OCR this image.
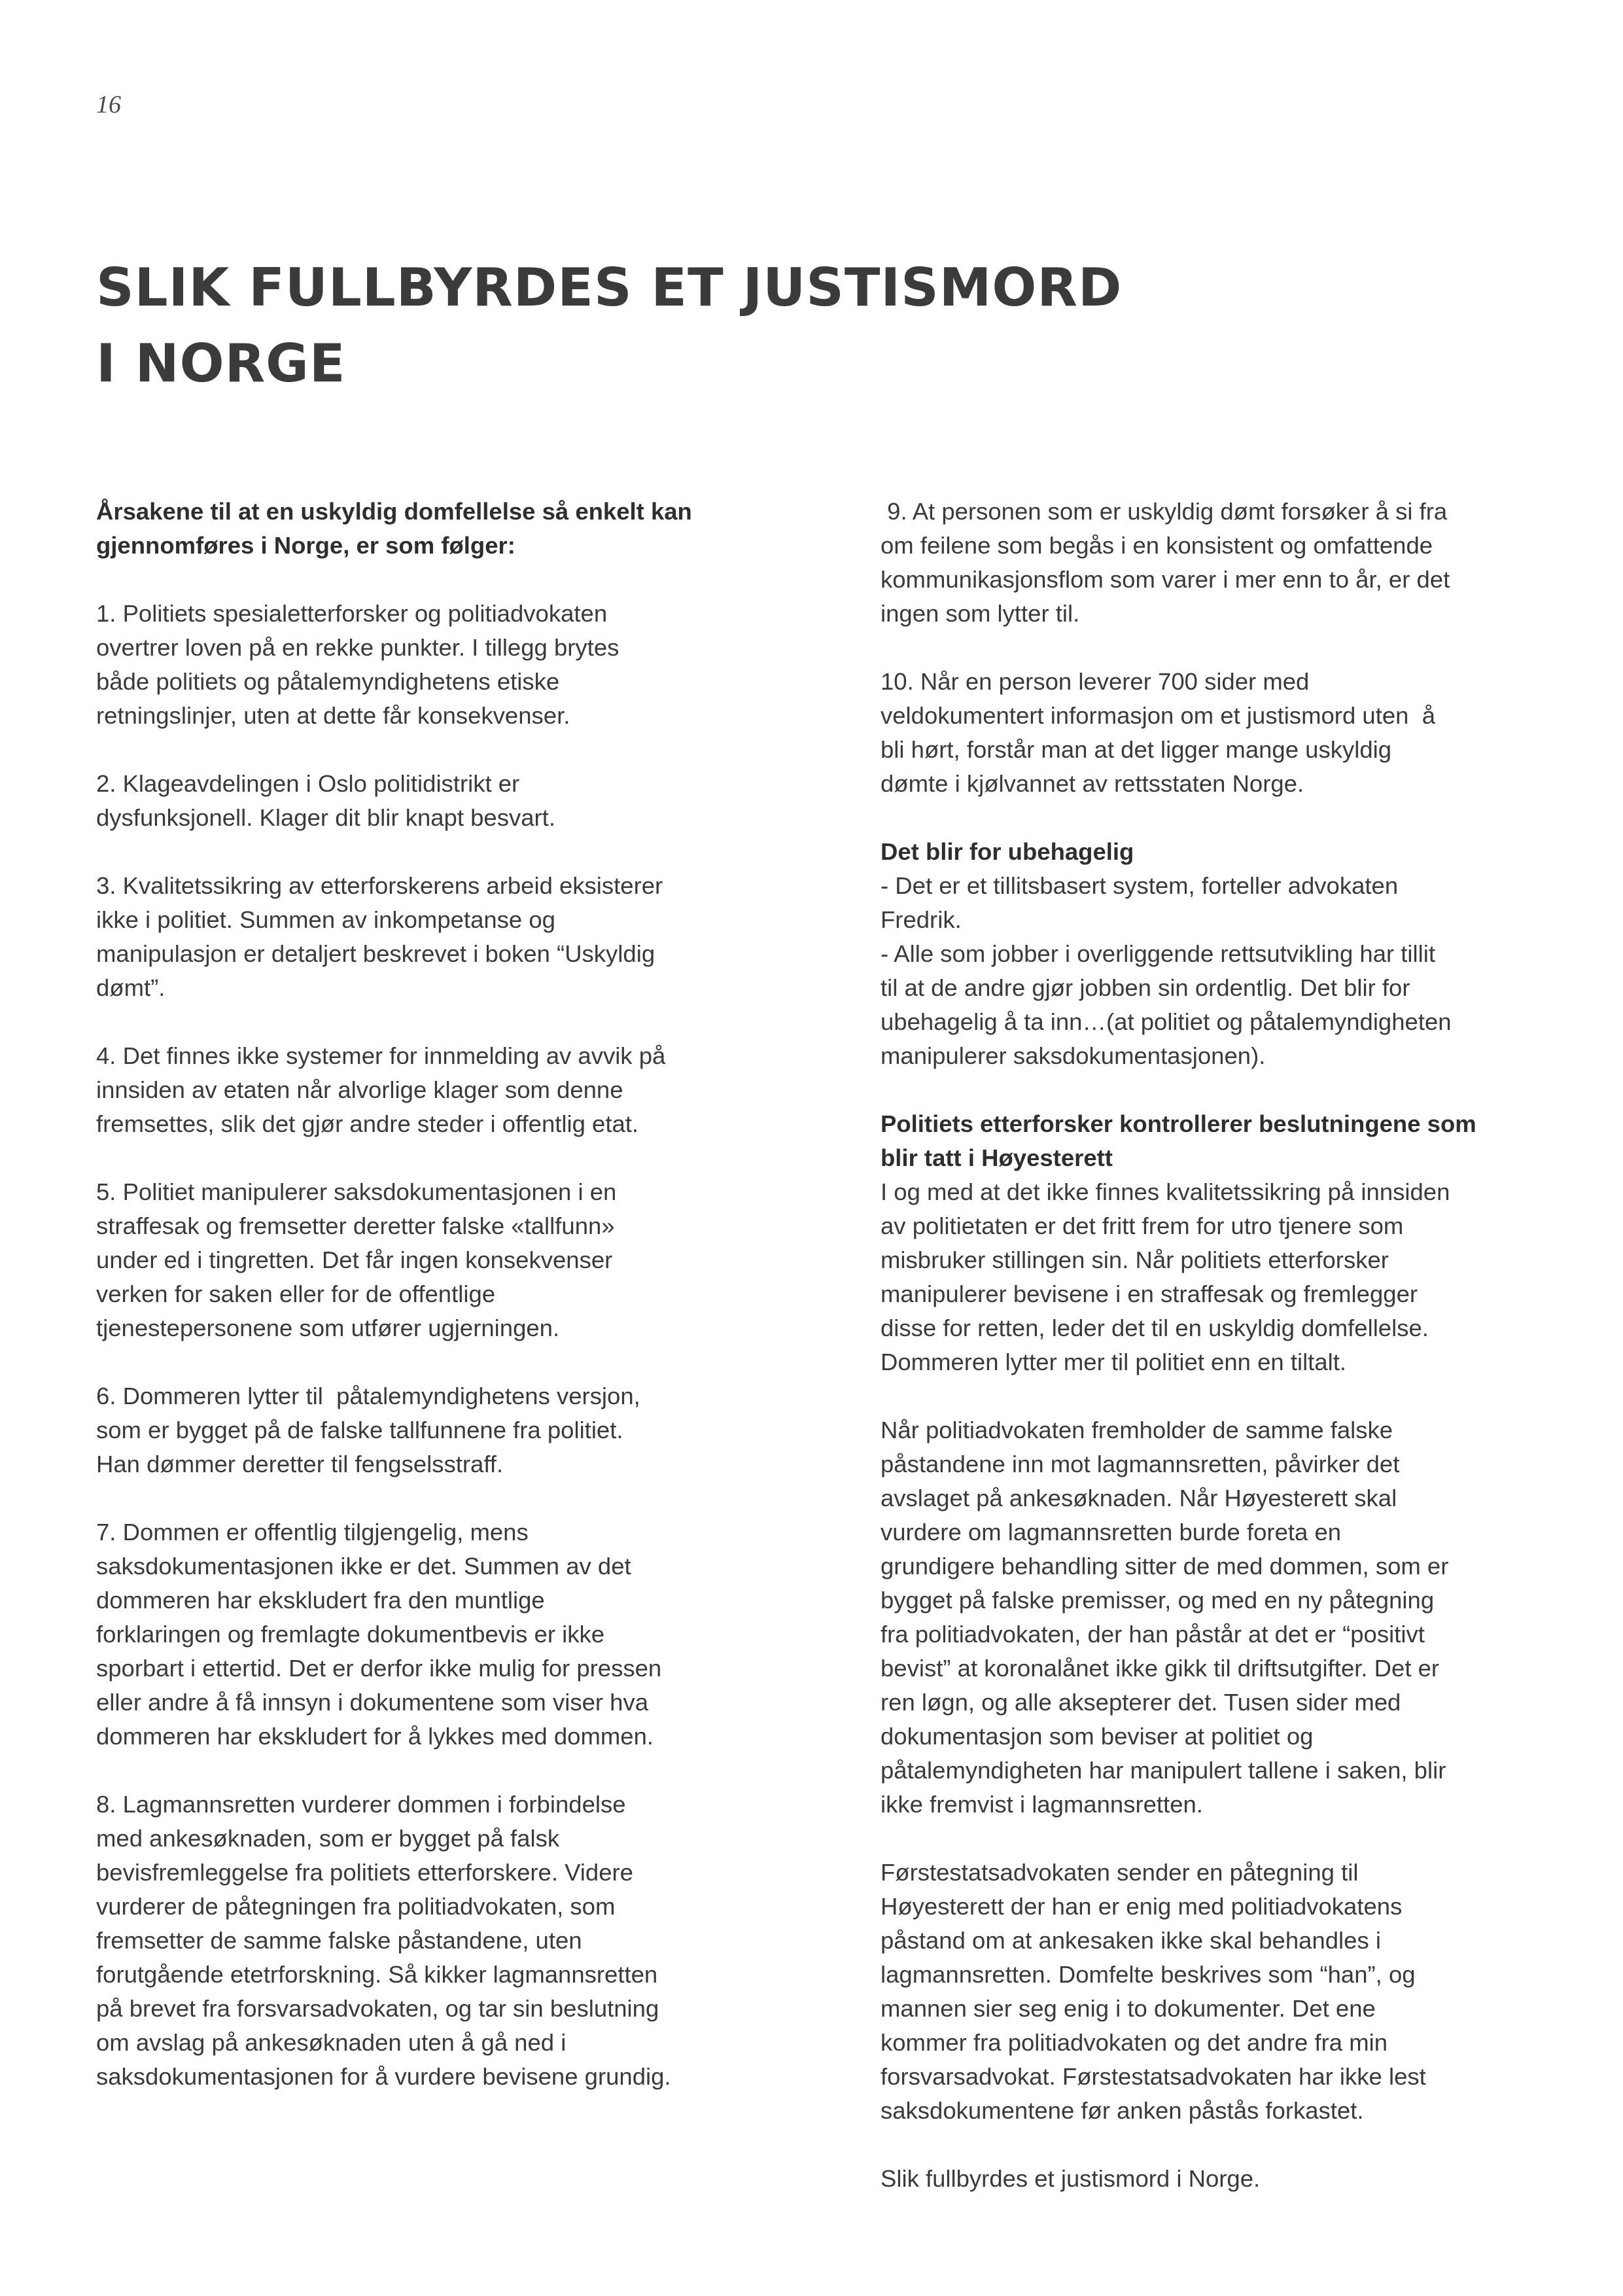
16
SLIK FULLBYRDES ET JUSTISMORD
I NORGE

Årsakene til at en uskyldig domfellelse så enkelt kan
gjennomføres i Norge, er som følger:

1. Politiets spesialetterforsker og politiadvokaten
overtrer loven på en rekke punkter. I tillegg brytes
både politiets og påtalemyndighetens etiske
retningslinjer, uten at dette får konsekvenser.

2. Klageavdelingen i Oslo politidistrikt er
dysfunksjonell. Klager dit blir knapt besvart.

3. Kvalitetssikring av etterforskerens arbeid eksisterer
ikke i politiet. Summen av inkompetanse og
manipulasjon er detaljert beskrevet i boken “Uskyldig
dømt”.

4. Det finnes ikke systemer for innmelding av avvik på
innsiden av etaten når alvorlige klager som denne
fremsettes, slik det gjør andre steder i offentlig etat.

5. Politiet manipulerer saksdokumentasjonen i en
straffesak og fremsetter deretter falske «tallfunn»
under ed i tingretten. Det får ingen konsekvenser
verken for saken eller for de offentlige
tjenestepersonene som utfører ugjerningen.

6. Dommeren lytter til  påtalemyndighetens versjon,
som er bygget på de falske tallfunnene fra politiet.
Han dømmer deretter til fengselsstraff.

7. Dommen er offentlig tilgjengelig, mens
saksdokumentasjonen ikke er det. Summen av det
dommeren har ekskludert fra den muntlige
forklaringen og fremlagte dokumentbevis er ikke
sporbart i ettertid. Det er derfor ikke mulig for pressen
eller andre å få innsyn i dokumentene som viser hva
dommeren har ekskludert for å lykkes med dommen.

8. Lagmannsretten vurderer dommen i forbindelse
med ankesøknaden, som er bygget på falsk
bevisfremleggelse fra politiets etterforskere. Videre
vurderer de påtegningen fra politiadvokaten, som
fremsetter de samme falske påstandene, uten
forutgående etetrforskning. Så kikker lagmannsretten
på brevet fra forsvarsadvokaten, og tar sin beslutning
om avslag på ankesøknaden uten å gå ned i
saksdokumentasjonen for å vurdere bevisene grundig.

9. At personen som er uskyldig dømt forsøker å si fra
om feilene som begås i en konsistent og omfattende
kommunikasjonsflom som varer i mer enn to år, er det
ingen som lytter til.

10. Når en person leverer 700 sider med
veldokumentert informasjon om et justismord uten  å
bli hørt, forstår man at det ligger mange uskyldig
dømte i kjølvannet av rettsstaten Norge.

Det blir for ubehagelig
- Det er et tillitsbasert system, forteller advokaten
Fredrik.
- Alle som jobber i overliggende rettsutvikling har tillit
til at de andre gjør jobben sin ordentlig. Det blir for
ubehagelig å ta inn…(at politiet og påtalemyndigheten
manipulerer saksdokumentasjonen).

Politiets etterforsker kontrollerer beslutningene som
blir tatt i Høyesterett
I og med at det ikke finnes kvalitetssikring på innsiden
av politietaten er det fritt frem for utro tjenere som
misbruker stillingen sin. Når politiets etterforsker
manipulerer bevisene i en straffesak og fremlegger
disse for retten, leder det til en uskyldig domfellelse.
Dommeren lytter mer til politiet enn en tiltalt.

Når politiadvokaten fremholder de samme falske
påstandene inn mot lagmannsretten, påvirker det
avslaget på ankesøknaden. Når Høyesterett skal
vurdere om lagmannsretten burde foreta en
grundigere behandling sitter de med dommen, som er
bygget på falske premisser, og med en ny påtegning
fra politiadvokaten, der han påstår at det er “positivt
bevist” at koronalånet ikke gikk til driftsutgifter. Det er
ren løgn, og alle aksepterer det. Tusen sider med
dokumentasjon som beviser at politiet og
påtalemyndigheten har manipulert tallene i saken, blir
ikke fremvist i lagmannsretten.

Førstestatsadvokaten sender en påtegning til
Høyesterett der han er enig med politiadvokatens
påstand om at ankesaken ikke skal behandles i
lagmannsretten. Domfelte beskrives som “han”, og
mannen sier seg enig i to dokumenter. Det ene
kommer fra politiadvokaten og det andre fra min
forsvarsadvokat. Førstestatsadvokaten har ikke lest
saksdokumentene før anken påstås forkastet.

Slik fullbyrdes et justismord i Norge.
